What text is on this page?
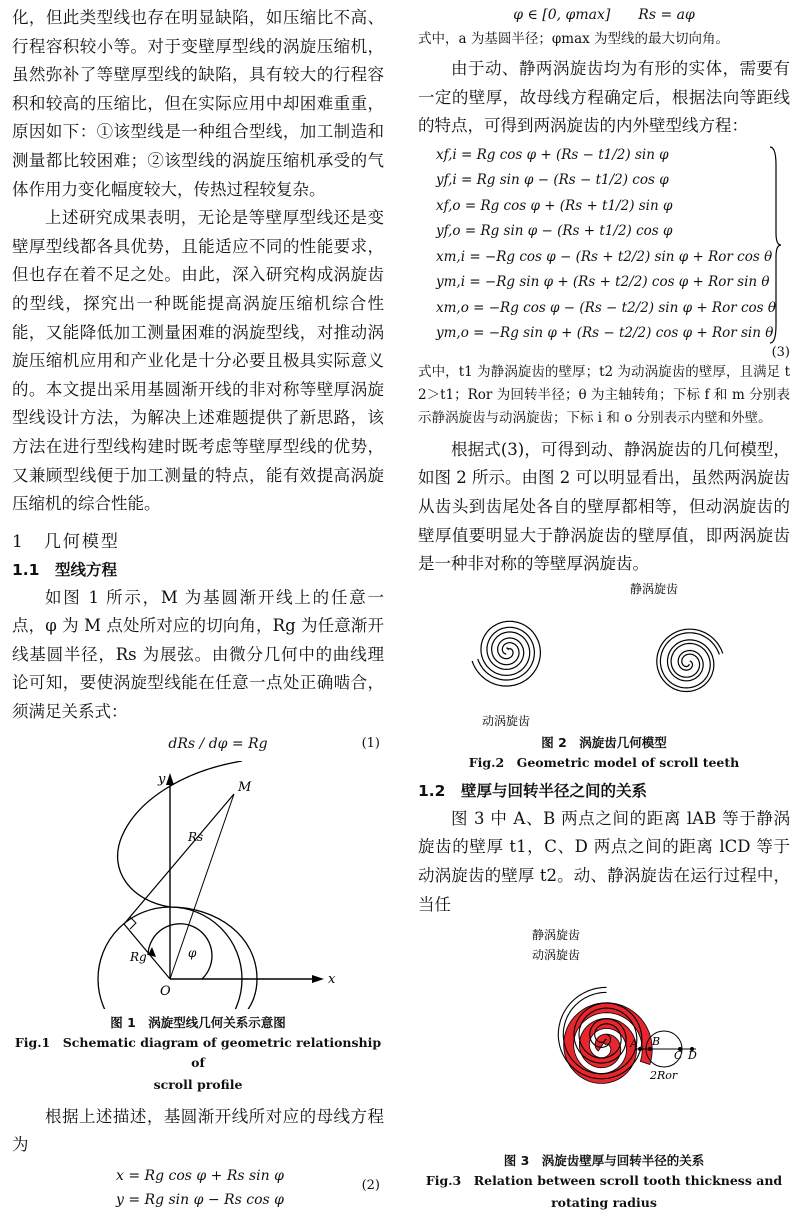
化，但此类型线也存在明显缺陷，如压缩比不高、行程容积较小等。对于变壁厚型线的涡旋压缩机，虽然弥补了等壁厚型线的缺陷，具有较大的行程容积和较高的压缩比，但在实际应用中却困难重重，原因如下：①该型线是一种组合型线，加工制造和测量都比较困难；②该型线的涡旋压缩机承受的气体作用力变化幅度较大，传热过程较复杂。

上述研究成果表明，无论是等壁厚型线还是变壁厚型线都各具优势，且能适应不同的性能要求，但也存在着不足之处。由此，深入研究构成涡旋齿的型线，探究出一种既能提高涡旋压缩机综合性能，又能降低加工测量困难的涡旋型线，对推动涡旋压缩机应用和产业化是十分必要且极具实际意义的。本文提出采用基圆渐开线的非对称等壁厚涡旋型线设计方法，为解决上述难题提供了新思路，该方法在进行型线构建时既考虑等壁厚型线的优势，又兼顾型线便于加工测量的特点，能有效提高涡旋压缩机的综合性能。

1　几何模型
1.1　型线方程

如图 1 所示，M 为基圆渐开线上的任意一点，φ 为 M 点处所对应的切向角，Rg 为任意渐开线基圆半径，Rs 为展弦。由微分几何中的曲线理论可知，要使涡旋型线能在任意一点处正确啮合，须满足关系式：

dRs / dφ = Rg	(1)
y
x
M
O
Rs
Rg	φ
图 1　涡旋型线几何关系示意图
Fig.1　Schematic diagram of geometric relationship of
scroll profile

根据上述描述，基圆渐开线所对应的母线方程为

x = Rg cos φ + Rs sin φ
y = Rg sin φ − Rs cos φ
(2)
φ ∈ [0, φmax]　　Rs = aφ

式中，a 为基圆半径；φmax 为型线的最大切向角。

由于动、静两涡旋齿均为有形的实体，需要有一定的壁厚，故母线方程确定后，根据法向等距线的特点，可得到两涡旋齿的内外壁型线方程：

xf,i = Rg cos φ + (Rs − t1/2) sin φ
yf,i = Rg sin φ − (Rs − t1/2) cos φ
xf,o = Rg cos φ + (Rs + t1/2) sin φ
yf,o = Rg sin φ − (Rs + t1/2) cos φ
xm,i = −Rg cos φ − (Rs + t2/2) sin φ + Ror cos θ
ym,i = −Rg sin φ + (Rs + t2/2) cos φ + Ror sin θ
xm,o = −Rg cos φ − (Rs − t2/2) sin φ + Ror cos θ
ym,o = −Rg sin φ + (Rs − t2/2) cos φ + Ror sin θ
(3)

式中，t1 为静涡旋齿的壁厚；t2 为动涡旋齿的壁厚，且满足 t2＞t1；Ror 为回转半径；θ 为主轴转角；下标 f 和 m 分别表示静涡旋齿与动涡旋齿；下标 i 和 o 分别表示内壁和外壁。

根据式(3)，可得到动、静涡旋齿的几何模型，如图 2 所示。由图 2 可以明显看出，虽然两涡旋齿从齿头到齿尾处各自的壁厚都相等，但动涡旋齿的壁厚值要明显大于静涡旋齿的壁厚值，即两涡旋齿是一种非对称的等壁厚涡旋齿。

静涡旋齿
动涡旋齿
图 2　涡旋齿几何模型
Fig.2　Geometric model of scroll teeth
1.2　壁厚与回转半径之间的关系

图 3 中 A、B 两点之间的距离 lAB 等于静涡旋齿的壁厚 t1，C、D 两点之间的距离 lCD 等于动涡旋齿的壁厚 t2。动、静涡旋齿在运行过程中，当任

A B
C D
2Ror
静涡旋齿
动涡旋齿
图 3　涡旋齿壁厚与回转半径的关系
Fig.3　Relation between scroll tooth thickness and
rotating radius
